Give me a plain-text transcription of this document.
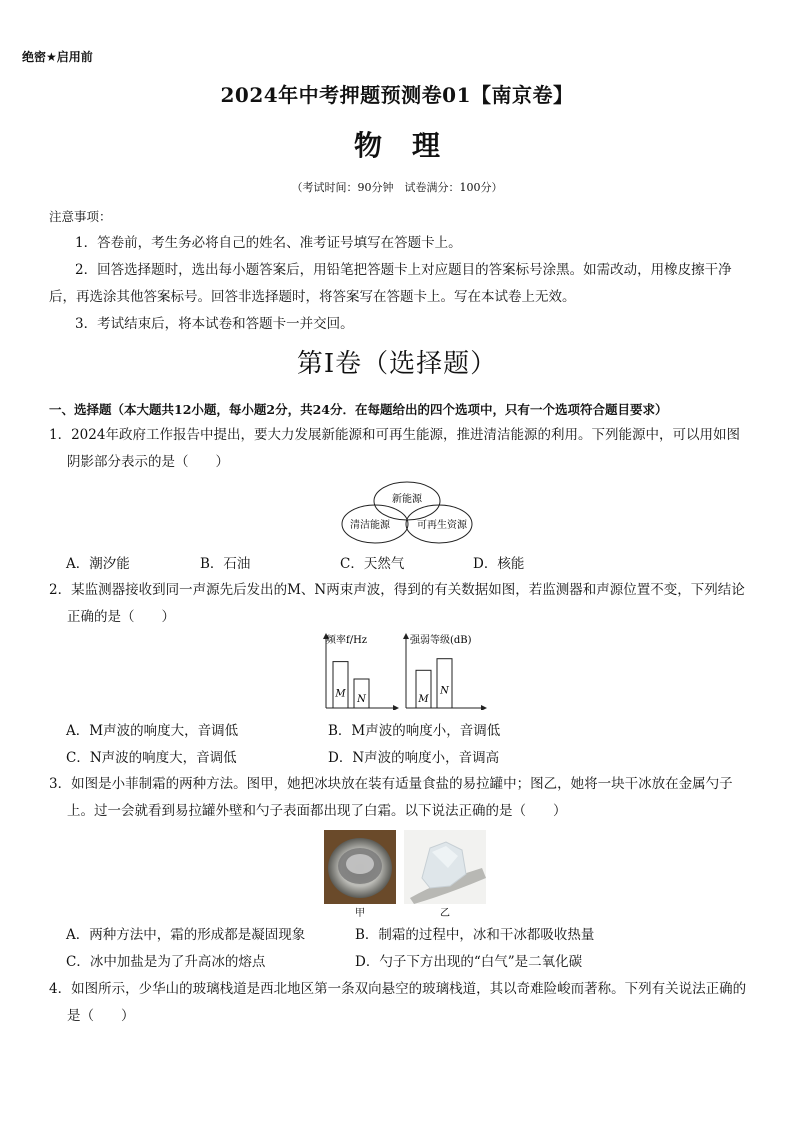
绝密★启用前
2024年中考押题预测卷01【南京卷】
物理
（考试时间：90分钟　试卷满分：100分）
注意事项：
1．答卷前，考生务必将自己的姓名、准考证号填写在答题卡上。
2．回答选择题时，选出每小题答案后，用铅笔把答题卡上对应题目的答案标号涂黑。如需改动，用橡皮擦干净后，再选涂其他答案标号。回答非选择题时，将答案写在答题卡上。写在本试卷上无效。
3．考试结束后，将本试卷和答题卡一并交回。
第Ⅰ卷（选择题）
一、选择题（本大题共12小题，每小题2分，共24分．在每题给出的四个选项中，只有一个选项符合题目要求）
1．2024年政府工作报告中提出，要大力发展新能源和可再生能源，推进清洁能源的利用。下列能源中，可以用如图阴影部分表示的是（　　）
新能源
清洁能源	可再生资源
A．潮汐能	B．石油	C．天然气	D．核能
2．某监测器接收到同一声源先后发出的M、N两束声波，得到的有关数据如图，若监测器和声源位置不变，下列结论正确的是（　　）
频率f/Hz
M N
强弱等级(dB)
M
N
A．M声波的响度大，音调低	B．M声波的响度小，音调低
C．N声波的响度大，音调低	D．N声波的响度小，音调高
3．如图是小菲制霜的两种方法。图甲，她把冰块放在装有适量食盐的易拉罐中；图乙，她将一块干冰放在金属勺子上。过一会就看到易拉罐外壁和勺子表面都出现了白霜。以下说法正确的是（　　）
甲	乙
A．两种方法中，霜的形成都是凝固现象	B．制霜的过程中，冰和干冰都吸收热量
C．冰中加盐是为了升高冰的熔点	D．勺子下方出现的“白气”是二氧化碳
4．如图所示，少华山的玻璃栈道是西北地区第一条双向悬空的玻璃栈道，其以奇难险峻而著称。下列有关说法正确的是（　　）
